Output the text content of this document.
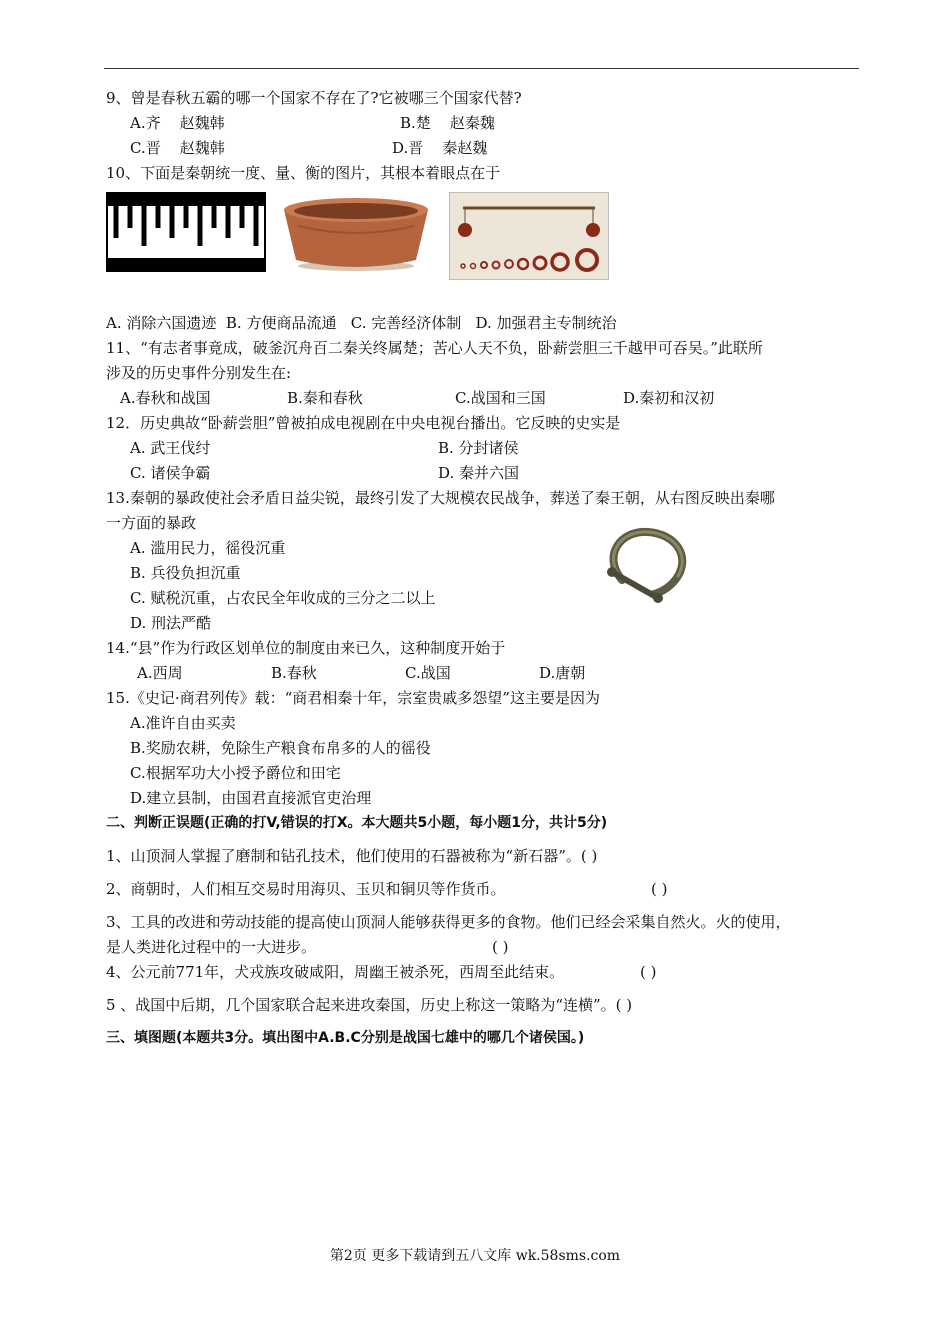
9、曾是春秋五霸的哪一个国家不存在了?它被哪三个国家代替?
A.齐    赵魏韩	B.楚    赵秦魏
C.晋    赵魏韩	D.晋    秦赵魏
10、下面是秦朝统一度、量、衡的图片，其根本着眼点在于
A. 消除六国遗迹  B. 方便商品流通   C. 完善经济体制   D. 加强君主专制统治
11、“有志者事竟成，破釜沉舟百二秦关终属楚；苦心人天不负，卧薪尝胆三千越甲可吞吴。”此联所
涉及的历史事件分别发生在:
A.春秋和战国	B.秦和春秋	C.战国和三国	D.秦初和汉初
12．历史典故“卧薪尝胆”曾被拍成电视剧在中央电视台播出。它反映的史实是
A. 武王伐纣	B. 分封诸侯
C. 诸侯争霸	D. 秦并六国
13.秦朝的暴政使社会矛盾日益尖锐，最终引发了大规模农民战争，葬送了秦王朝，从右图反映出秦哪
一方面的暴政
A. 滥用民力，徭役沉重
B. 兵役负担沉重
C. 赋税沉重，占农民全年收成的三分之二以上
D. 刑法严酷
14.“县”作为行政区划单位的制度由来已久，这种制度开始于
A.西周	B.春秋	C.战国	D.唐朝
15.《史记·商君列传》载：“商君相秦十年，宗室贵戚多怨望”这主要是因为
A.准许自由买卖
B.奖励农耕，免除生产粮食布帛多的人的徭役
C.根据军功大小授予爵位和田宅
D.建立县制，由国君直接派官吏治理
二、判断正误题(正确的打V,错误的打X。本大题共5小题，每小题1分，共计5分)
1、山顶洞人掌握了磨制和钻孔技术，他们使用的石器被称为“新石器”。( )
2、商朝时，人们相互交易时用海贝、玉贝和铜贝等作货币。	( )
3、工具的改进和劳动技能的提高使山顶洞人能够获得更多的食物。他们已经会采集自然火。火的使用，
是人类进化过程中的一大进步。	( )
4、公元前771年，犬戎族攻破咸阳，周幽王被杀死，西周至此结束。	( )
5 、战国中后期，几个国家联合起来进攻秦国，历史上称这一策略为“连横”。( )
三、填图题(本题共3分。填出图中A.B.C分别是战国七雄中的哪几个诸侯国。)
第2页 更多下载请到五八文库 wk.58sms.com
